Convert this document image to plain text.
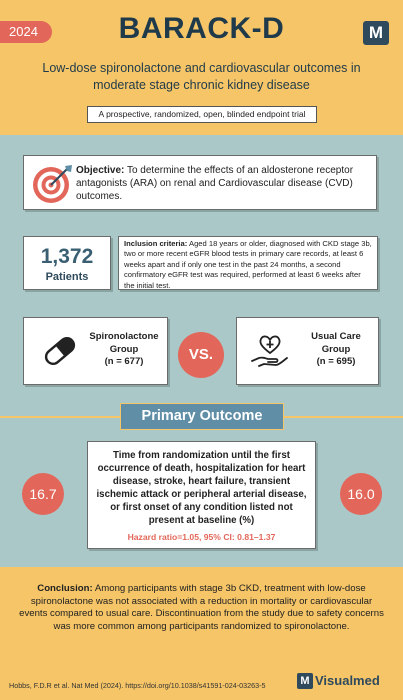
2024	BARACK-D	M
Low-dose spironolactone and cardiovascular outcomes in moderate stage chronic kidney disease
A prospective, randomized, open, blinded endpoint trial
Objective: To determine the effects of an aldosterone receptor antagonists (ARA) on renal and Cardiovascular disease (CVD) outcomes.
1,372
Patients
Inclusion criteria: Aged 18 years or older, diagnosed with CKD stage 3b, two or more recent eGFR blood tests in primary care records, at least 6 weeks apart and if only one test in the past 24 months, a second confirmatory eGFR test was required, performed at least 6 weeks after the initial test.
Spironolactone
Group
(n = 677)	VS.
Usual Care
Group
(n = 695)
Primary Outcome
16.7
Time from randomization until the first occurrence of death, hospitalization for heart disease, stroke, heart failure, transient ischemic attack or peripheral arterial disease, or first onset of any condition listed not present at baseline (%)
Hazard ratio=1.05, 95% CI: 0.81–1.37
16.0
Conclusion: Among participants with stage 3b CKD, treatment with low-dose spironolactone was not associated with a reduction in mortality or cardiovascular events compared to usual care. Discontinuation from the study due to safety concerns was more common among participants randomized to spironolactone.
Hobbs, F.D.R et al. Nat Med (2024). https://doi.org/10.1038/s41591-024-03263-5	M Visualmed
